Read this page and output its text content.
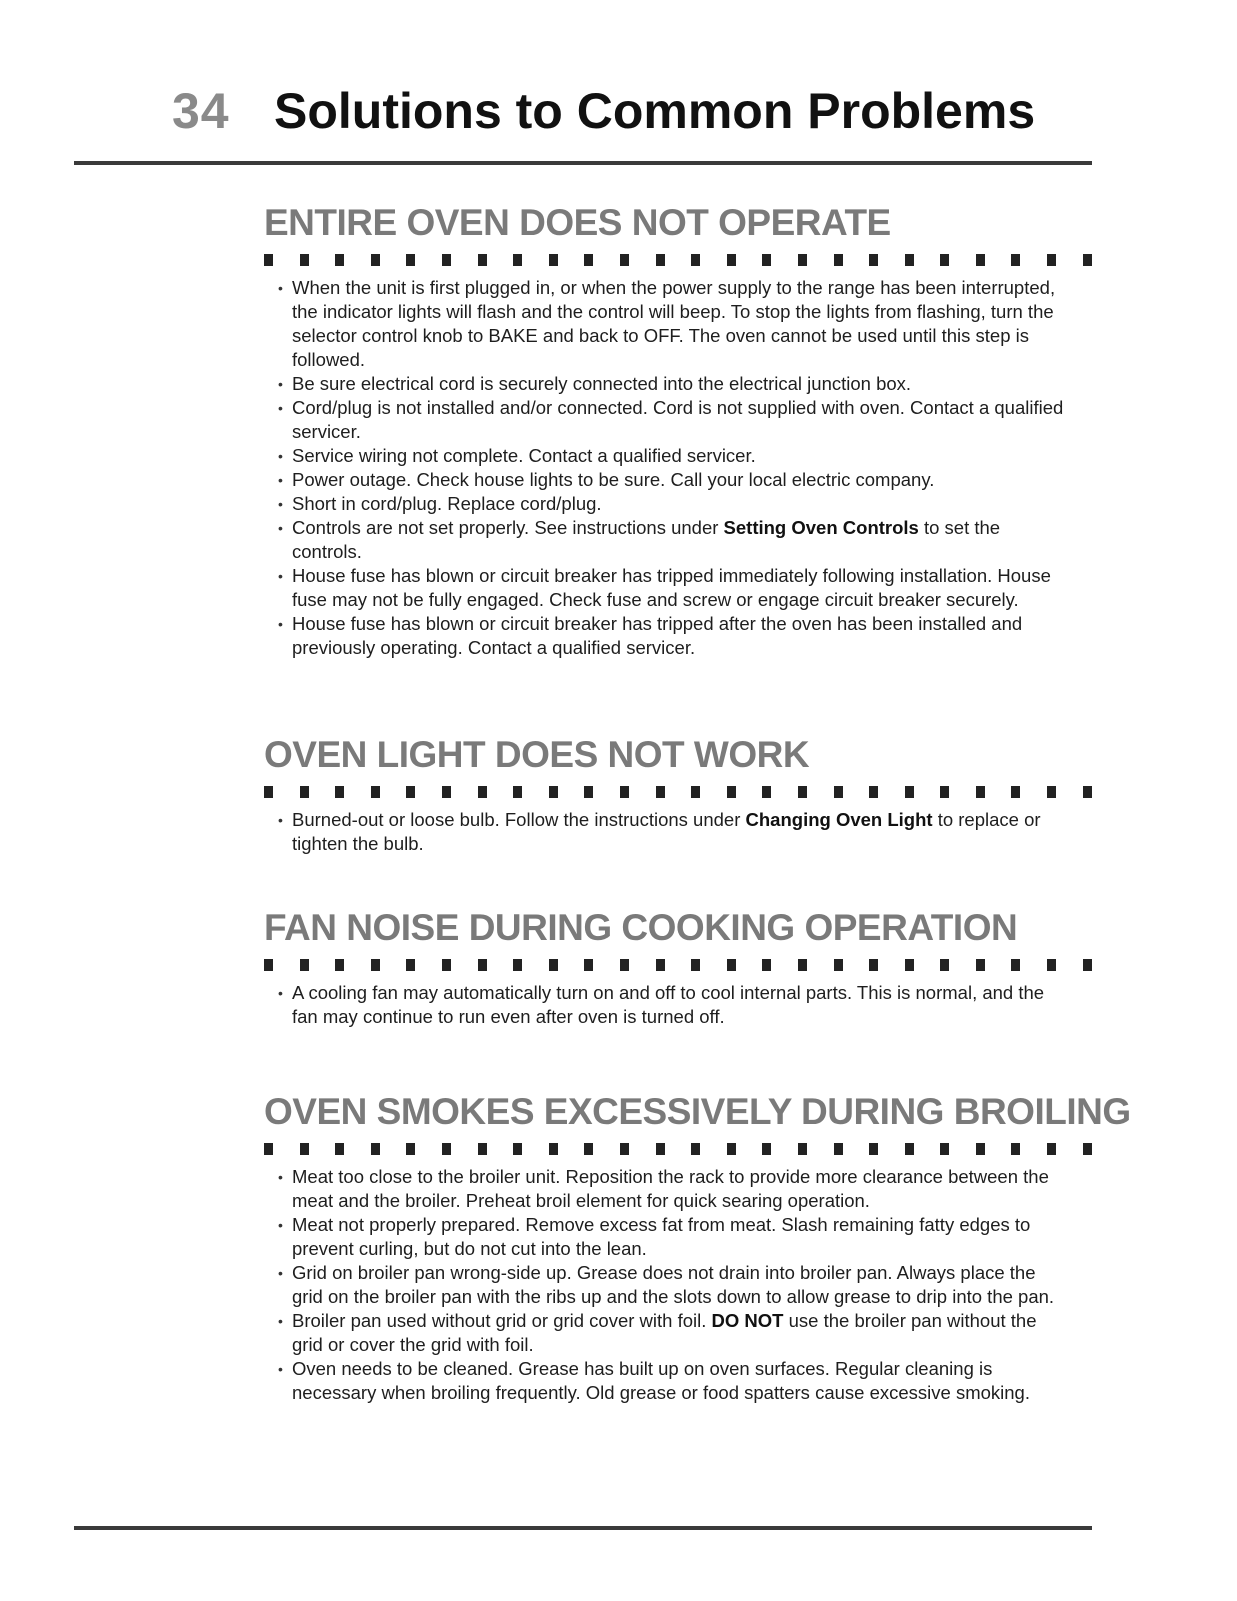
34 Solutions to Common Problems
ENTIRE OVEN DOES NOT OPERATE
• When the unit is first plugged in, or when the power supply to the range has been interrupted, the indicator lights will flash and the control will beep. To stop the lights from flashing, turn the selector control knob to BAKE and back to OFF. The oven cannot be used until this step is followed.
• Be sure electrical cord is securely connected into the electrical junction box.
• Cord/plug is not installed and/or connected. Cord is not supplied with oven. Contact a qualified servicer.
• Service wiring not complete. Contact a qualified servicer.
• Power outage. Check house lights to be sure. Call your local electric company.
• Short in cord/plug. Replace cord/plug.
• Controls are not set properly. See instructions under Setting Oven Controls to set the controls.
• House fuse has blown or circuit breaker has tripped immediately following installation. House fuse may not be fully engaged. Check fuse and screw or engage circuit breaker securely.
• House fuse has blown or circuit breaker has tripped after the oven has been installed and previously operating. Contact a qualified servicer.
OVEN LIGHT DOES NOT WORK
• Burned-out or loose bulb. Follow the instructions under Changing Oven Light to replace or tighten the bulb.
FAN NOISE DURING COOKING OPERATION
• A cooling fan may automatically turn on and off to cool internal parts. This is normal, and the fan may continue to run even after oven is turned off.
OVEN SMOKES EXCESSIVELY DURING BROILING
• Meat too close to the broiler unit. Reposition the rack to provide more clearance between the meat and the broiler. Preheat broil element for quick searing operation.
• Meat not properly prepared. Remove excess fat from meat. Slash remaining fatty edges to prevent curling, but do not cut into the lean.
• Grid on broiler pan wrong-side up. Grease does not drain into broiler pan. Always place the grid on the broiler pan with the ribs up and the slots down to allow grease to drip into the pan.
• Broiler pan used without grid or grid cover with foil. DO NOT use the broiler pan without the grid or cover the grid with foil.
• Oven needs to be cleaned. Grease has built up on oven surfaces. Regular cleaning is necessary when broiling frequently. Old grease or food spatters cause excessive smoking.
